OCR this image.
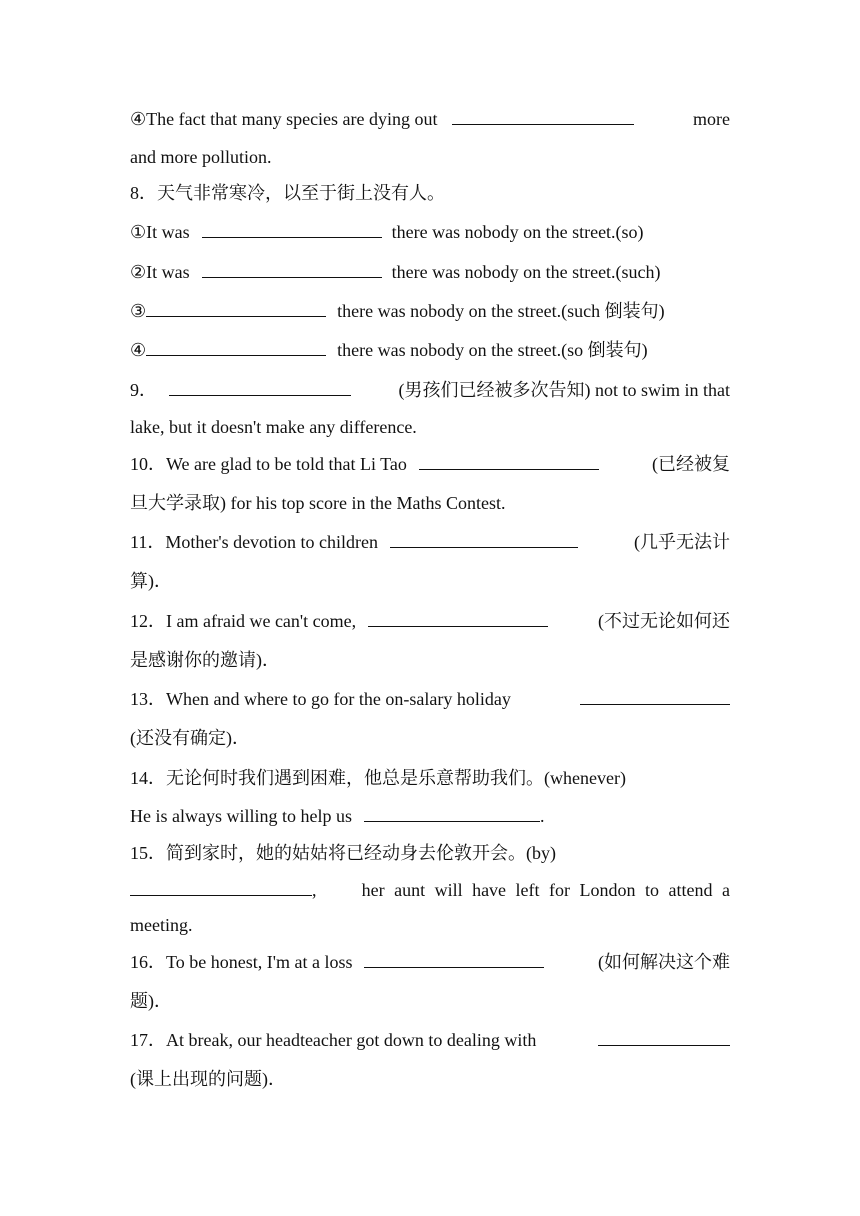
④The fact that many species are dying out	more
and more pollution.
8．天气非常寒冷，以至于街上没有人。
①It was	there was nobody on the street.(so)
②It was	there was nobody on the street.(such)
③	there was nobody on the street.(such 倒装句)
④	there was nobody on the street.(so 倒装句)
9．	(男孩们已经被多次告知) not to swim in that
lake, but it doesn't make any difference.
10．We are glad to be told that Li Tao	(已经被复
旦大学录取) for his top score in the Maths Contest.
11．Mother's devotion to children	(几乎无法计
算)．
12．I am afraid we can't come,	(不过无论如何还
是感谢你的邀请)．
13．When and where to go for the on-salary holiday
(还没有确定)．
14．无论何时我们遇到困难，他总是乐意帮助我们。(whenever)
He is always willing to help us	.
15．简到家时，她的姑姑将已经动身去伦敦开会。(by)
,	her aunt will have left for London to attend a
meeting.
16．To be honest, I'm at a loss	(如何解决这个难
题)．
17．At break, our headteacher got down to dealing with
(课上出现的问题)．
